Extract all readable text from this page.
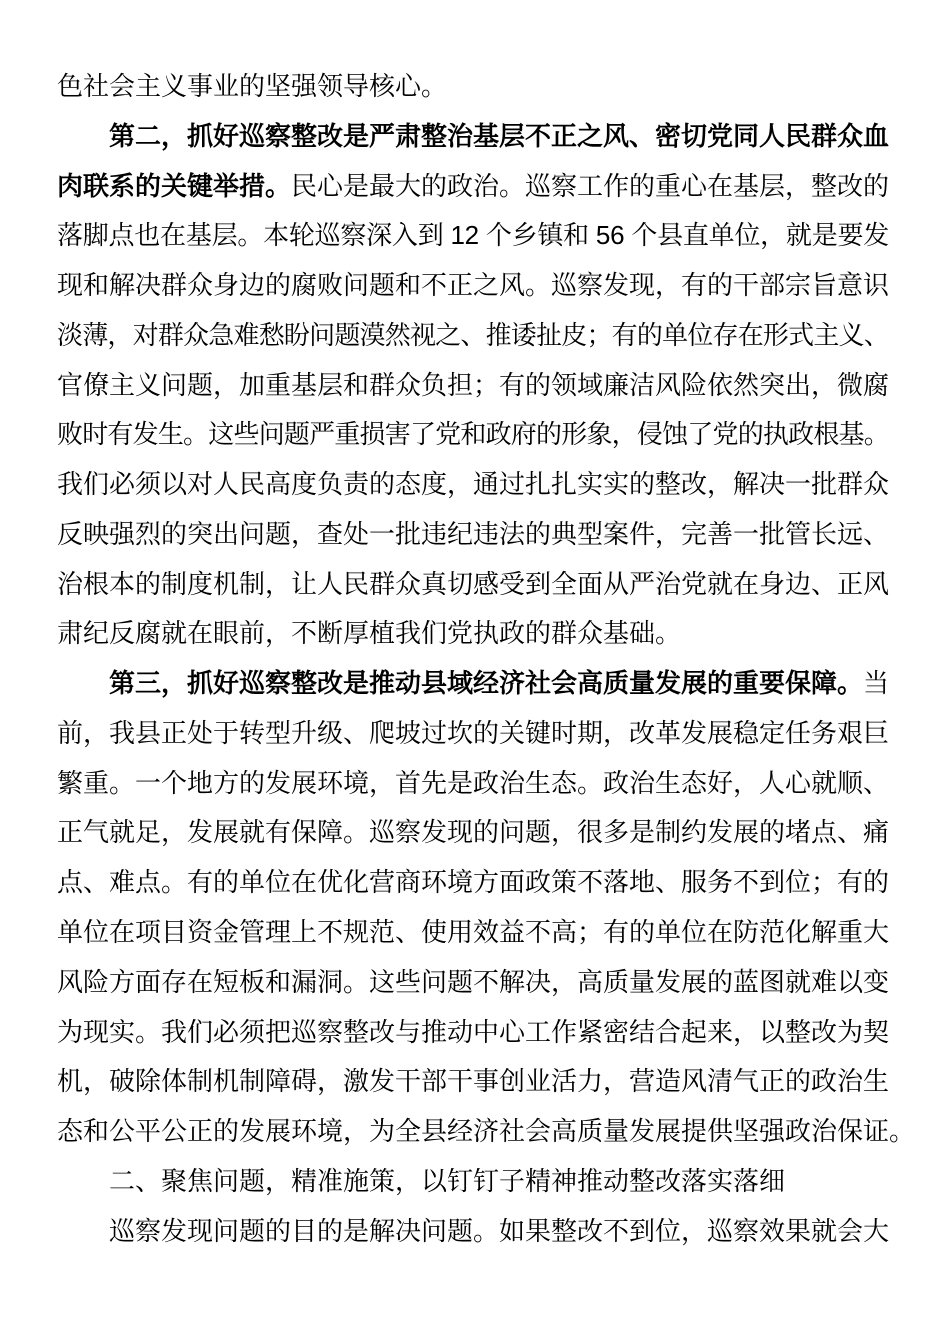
色社会主义事业的坚强领导核心。
第二，抓好巡察整改是严肃整治基层不正之风、密切党同人民群众血
肉联系的关键举措。民心是最大的政治。巡察工作的重心在基层，整改的
落脚点也在基层。本轮巡察深入到 12 个乡镇和 56 个县直单位，就是要发
现和解决群众身边的腐败问题和不正之风。巡察发现，有的干部宗旨意识
淡薄，对群众急难愁盼问题漠然视之、推诿扯皮；有的单位存在形式主义、
官僚主义问题，加重基层和群众负担；有的领域廉洁风险依然突出，微腐
败时有发生。这些问题严重损害了党和政府的形象，侵蚀了党的执政根基。
我们必须以对人民高度负责的态度，通过扎扎实实的整改，解决一批群众
反映强烈的突出问题，查处一批违纪违法的典型案件，完善一批管长远、
治根本的制度机制，让人民群众真切感受到全面从严治党就在身边、正风
肃纪反腐就在眼前，不断厚植我们党执政的群众基础。
第三，抓好巡察整改是推动县域经济社会高质量发展的重要保障。当
前，我县正处于转型升级、爬坡过坎的关键时期，改革发展稳定任务艰巨
繁重。一个地方的发展环境，首先是政治生态。政治生态好，人心就顺、
正气就足，发展就有保障。巡察发现的问题，很多是制约发展的堵点、痛
点、难点。有的单位在优化营商环境方面政策不落地、服务不到位；有的
单位在项目资金管理上不规范、使用效益不高；有的单位在防范化解重大
风险方面存在短板和漏洞。这些问题不解决，高质量发展的蓝图就难以变
为现实。我们必须把巡察整改与推动中心工作紧密结合起来，以整改为契
机，破除体制机制障碍，激发干部干事创业活力，营造风清气正的政治生
态和公平公正的发展环境，为全县经济社会高质量发展提供坚强政治保证。
二、聚焦问题，精准施策，以钉钉子精神推动整改落实落细
巡察发现问题的目的是解决问题。如果整改不到位，巡察效果就会大
